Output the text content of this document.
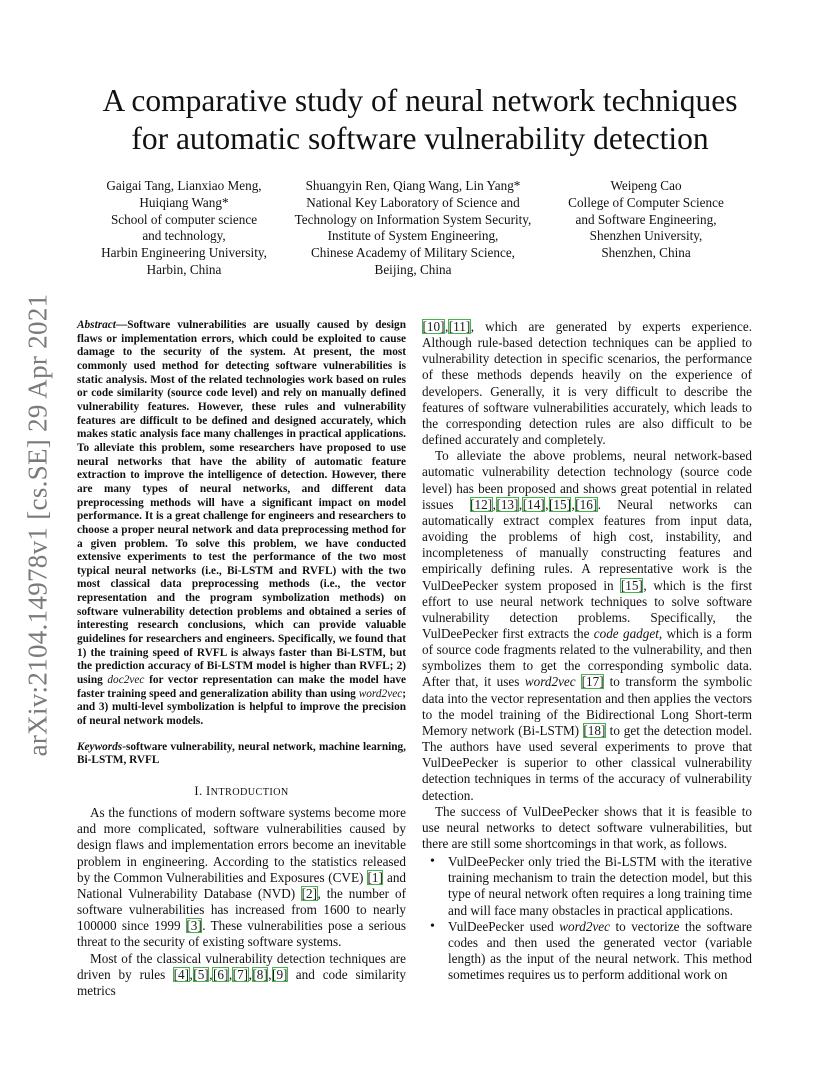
arXiv:2104.14978v1 [cs.SE] 29 Apr 2021
A comparative study of neural network techniques
for automatic software vulnerability detection
Gaigai Tang, Lianxiao Meng,
Huiqiang Wang*
School of computer science
and technology,
Harbin Engineering University,
Harbin, China
Shuangyin Ren, Qiang Wang, Lin Yang*
National Key Laboratory of Science and
Technology on Information System Security,
Institute of System Engineering,
Chinese Academy of Military Science,
Beijing, China
Weipeng Cao
College of Computer Science
and Software Engineering,
Shenzhen University,
Shenzhen, China

Abstract—Software vulnerabilities are usually caused by design flaws or implementation errors, which could be exploited to cause damage to the security of the system. At present, the most commonly used method for detecting software vulnerabilities is static analysis. Most of the related technologies work based on rules or code similarity (source code level) and rely on manually defined vulnerability features. However, these rules and vulnerability features are difficult to be defined and designed accurately, which makes static analysis face many challenges in practical applications. To alleviate this problem, some researchers have proposed to use neural networks that have the ability of automatic feature extraction to improve the intelligence of detection. However, there are many types of neural networks, and different data preprocessing methods will have a significant impact on model performance. It is a great challenge for engineers and researchers to choose a proper neural network and data preprocessing method for a given problem. To solve this problem, we have conducted extensive experiments to test the performance of the two most typical neural networks (i.e., Bi-LSTM and RVFL) with the two most classical data preprocessing methods (i.e., the vector representation and the program symbolization methods) on software vulnerability detection problems and obtained a series of interesting research conclusions, which can provide valuable guidelines for researchers and engineers. Specifically, we found that 1) the training speed of RVFL is always faster than Bi-LSTM, but the prediction accuracy of Bi-LSTM model is higher than RVFL; 2) using doc2vec for vector representation can make the model have faster training speed and generalization ability than using word2vec; and 3) multi-level symbolization is helpful to improve the precision of neural network models.

Keywords-software vulnerability, neural network, machine learning, Bi-LSTM, RVFL

I. INTRODUCTION

As the functions of modern software systems become more and more complicated, software vulnerabilities caused by design flaws and implementation errors become an inevitable problem in engineering. According to the statistics released by the Common Vulnerabilities and Exposures (CVE) [1] and National Vulnerability Database (NVD) [2], the number of software vulnerabilities has increased from 1600 to nearly 100000 since 1999 [3]. These vulnerabilities pose a serious threat to the security of existing software systems.

Most of the classical vulnerability detection techniques are driven by rules [4],[5],[6],[7],[8],[9] and code similarity metrics

[10],[11], which are generated by experts experience. Although rule-based detection techniques can be applied to vulnerability detection in specific scenarios, the performance of these methods depends heavily on the experience of developers. Generally, it is very difficult to describe the features of software vulnerabilities accurately, which leads to the corresponding detection rules are also difficult to be defined accurately and completely.

To alleviate the above problems, neural network-based automatic vulnerability detection technology (source code level) has been proposed and shows great potential in related issues [12],[13],[14],[15],[16]. Neural networks can automatically extract complex features from input data, avoiding the problems of high cost, instability, and incompleteness of manually constructing features and empirically defining rules. A representative work is the VulDeePecker system proposed in [15], which is the first effort to use neural network techniques to solve software vulnerability detection problems. Specifically, the VulDeePecker first extracts the code gadget, which is a form of source code fragments related to the vulnerability, and then symbolizes them to get the corresponding symbolic data. After that, it uses word2vec [17] to transform the symbolic data into the vector representation and then applies the vectors to the model training of the Bidirectional Long Short-term Memory network (Bi-LSTM) [18] to get the detection model. The authors have used several experiments to prove that VulDeePecker is superior to other classical vulnerability detection techniques in terms of the accuracy of vulnerability detection.

The success of VulDeePecker shows that it is feasible to use neural networks to detect software vulnerabilities, but there are still some shortcomings in that work, as follows.

• VulDeePecker only tried the Bi-LSTM with the iterative training mechanism to train the detection model, but this type of neural network often requires a long training time and will face many obstacles in practical applications.
• VulDeePecker used word2vec to vectorize the software codes and then used the generated vector (variable length) as the input of the neural network. This method sometimes requires us to perform additional work on
